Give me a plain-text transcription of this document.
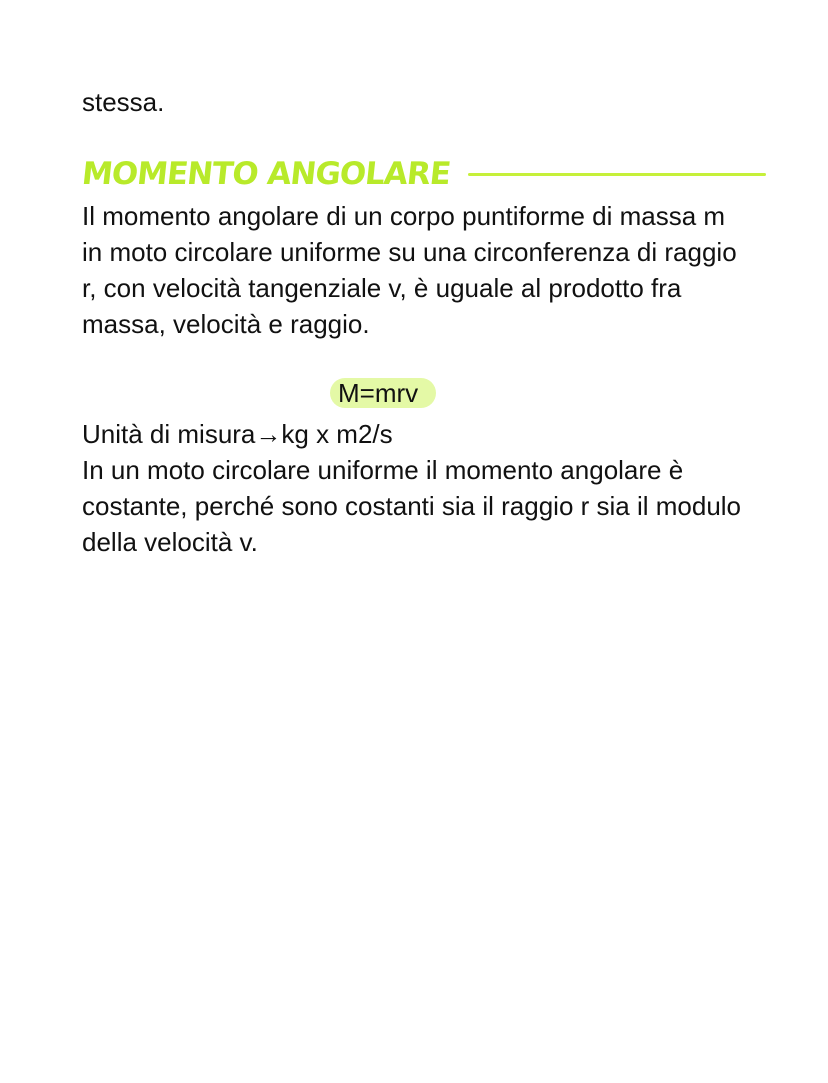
stessa.

MOMENTO ANGOLARE

Il momento angolare di un corpo puntiforme di massa m in moto circolare uniforme su una circonferenza di raggio r, con velocità tangenziale v, è uguale al prodotto fra massa, velocità e raggio.

M=mrv

Unità di misura→kg x m2/s

In un moto circolare uniforme il momento angolare è costante, perché sono costanti sia il raggio r sia il modulo della velocità v.
